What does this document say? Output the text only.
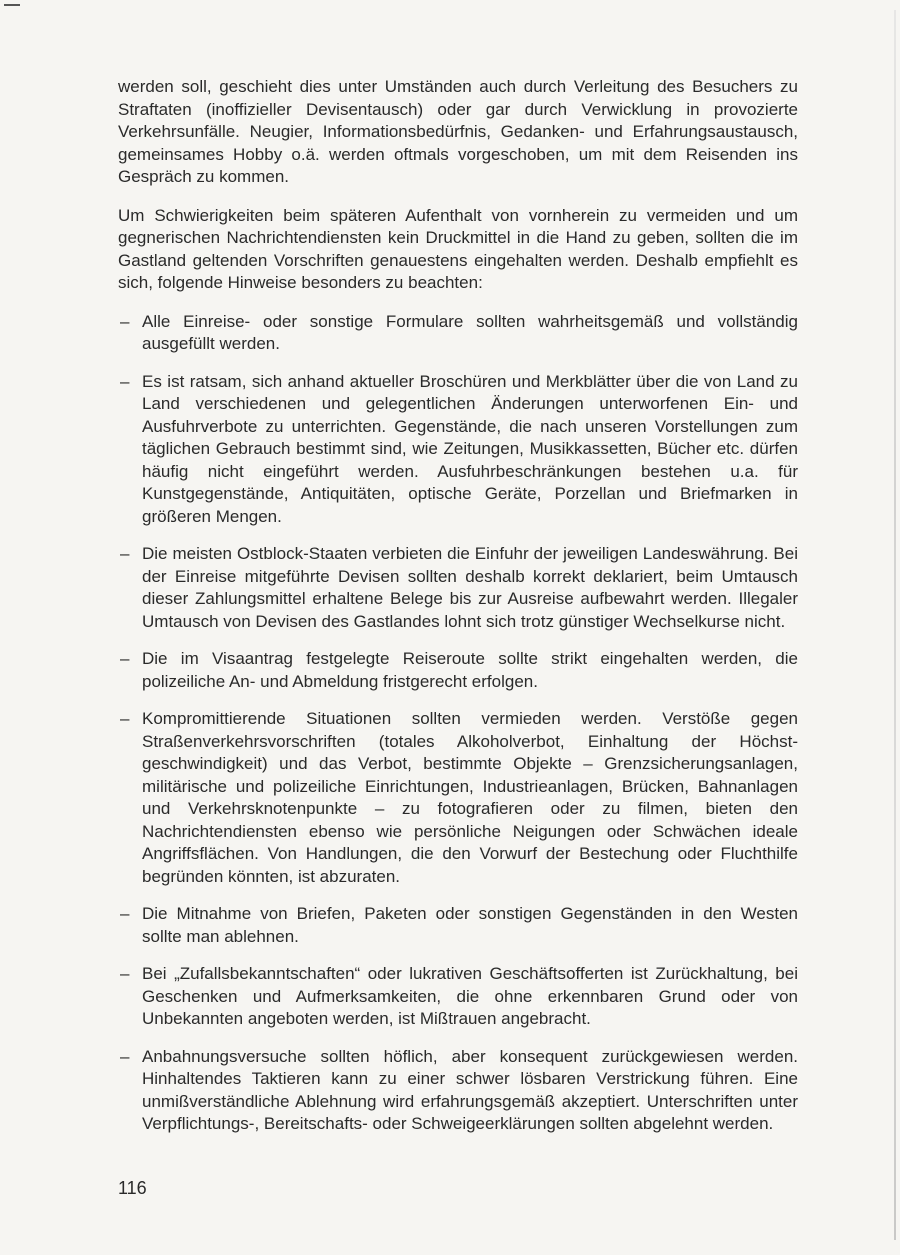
werden soll, geschieht dies unter Umständen auch durch Verleitung des Besuchers zu Straftaten (inoffizieller Devisentausch) oder gar durch Verwicklung in provozierte Verkehrsunfälle. Neugier, Informationsbedürfnis, Gedanken- und Erfahrungsaustausch, gemeinsames Hobby o.ä. werden oftmals vorgeschoben, um mit dem Reisenden ins Gespräch zu kommen.

Um Schwierigkeiten beim späteren Aufenthalt von vornherein zu vermeiden und um gegnerischen Nachrichtendiensten kein Druckmittel in die Hand zu geben, sollten die im Gastland geltenden Vorschriften genauestens eingehalten werden. Deshalb empfiehlt es sich, folgende Hinweise besonders zu beachten:

– Alle Einreise- oder sonstige Formulare sollten wahrheitsgemäß und vollständig ausgefüllt werden.
– Es ist ratsam, sich anhand aktueller Broschüren und Merkblätter über die von Land zu Land verschiedenen und gelegentlichen Änderungen unterworfenen Ein- und Ausfuhrverbote zu unterrichten. Gegenstände, die nach unseren Vorstellungen zum täglichen Gebrauch bestimmt sind, wie Zeitungen, Musikkassetten, Bücher etc. dürfen häufig nicht eingeführt werden. Ausfuhrbeschränkungen bestehen u.a. für Kunstgegenstände, Antiquitäten, optische Geräte, Porzellan und Briefmarken in größeren Mengen.
– Die meisten Ostblock-Staaten verbieten die Einfuhr der jeweiligen Landeswährung. Bei der Einreise mitgeführte Devisen sollten deshalb korrekt deklariert, beim Umtausch dieser Zahlungsmittel erhaltene Belege bis zur Ausreise aufbewahrt werden. Illegaler Umtausch von Devisen des Gastlandes lohnt sich trotz günstiger Wechselkurse nicht.
– Die im Visaantrag festgelegte Reiseroute sollte strikt eingehalten werden, die polizeiliche An- und Abmeldung fristgerecht erfolgen.
– Kompromittierende Situationen sollten vermieden werden. Verstöße gegen Straßenverkehrsvorschriften (totales Alkoholverbot, Einhaltung der Höchstgeschwindigkeit) und das Verbot, bestimmte Objekte – Grenzsicherungsanlagen, militärische und polizeiliche Einrichtungen, Industrieanlagen, Brücken, Bahnanlagen und Verkehrsknotenpunkte – zu fotografieren oder zu filmen, bieten den Nachrichtendiensten ebenso wie persönliche Neigungen oder Schwächen ideale Angriffsflächen. Von Handlungen, die den Vorwurf der Bestechung oder Fluchthilfe begründen könnten, ist abzuraten.
– Die Mitnahme von Briefen, Paketen oder sonstigen Gegenständen in den Westen sollte man ablehnen.
– Bei „Zufallsbekanntschaften“ oder lukrativen Geschäftsofferten ist Zurückhaltung, bei Geschenken und Aufmerksamkeiten, die ohne erkennbaren Grund oder von Unbekannten angeboten werden, ist Mißtrauen angebracht.
– Anbahnungsversuche sollten höflich, aber konsequent zurückgewiesen werden. Hinhaltendes Taktieren kann zu einer schwer lösbaren Verstrickung führen. Eine unmißverständliche Ablehnung wird erfahrungsgemäß akzeptiert. Unterschriften unter Verpflichtungs-, Bereitschafts- oder Schweigeerklärungen sollten abgelehnt werden.
116
